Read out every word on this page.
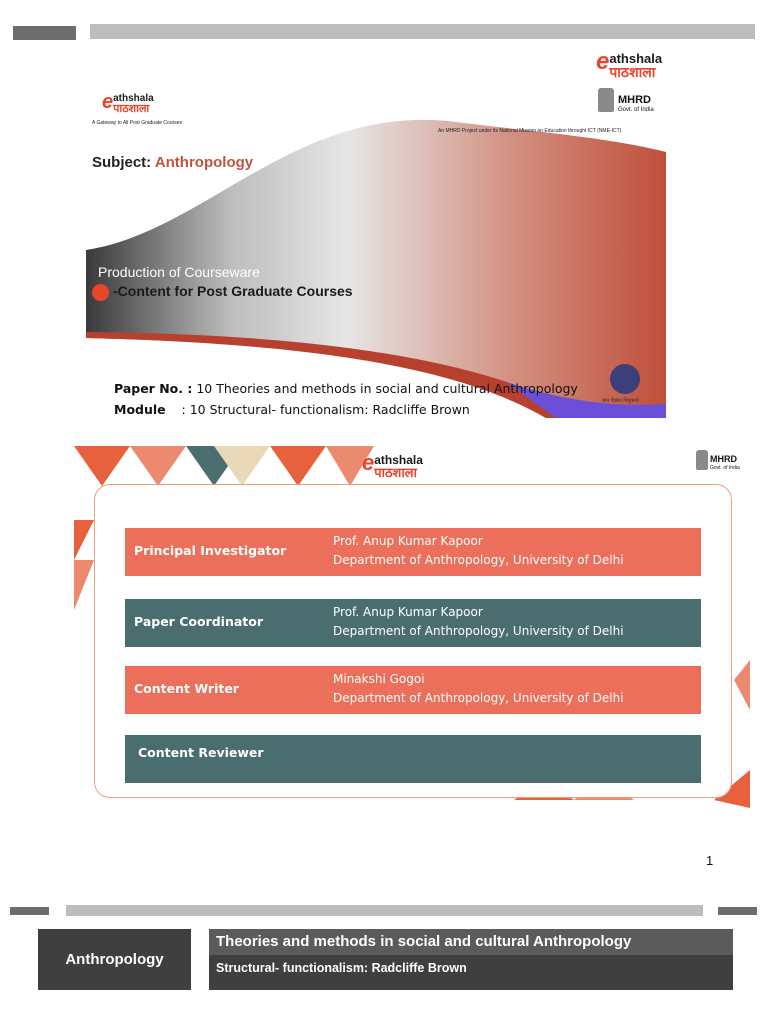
e athshala
पाठशाला
e athshala
पाठशाला
A Gateway to All Post Graduate Courses
MHRD
Govt. of India
An MHRD Project under its National Mission on Education throught ICT (NME-ICT)
Subject: Anthropology
Production of Courseware
-Content for Post Graduate Courses
Paper No. : 10 Theories and methods in social and cultural Anthropology
Module : 10 Structural- functionalism: Radcliffe Brown
ज्ञान विज्ञान विमुक्तये
e athshala
पाठशाला
MHRD
Govt. of India
Principal Investigator
Prof. Anup Kumar Kapoor
Department of Anthropology, University of Delhi
Paper Coordinator
Prof. Anup Kumar Kapoor
Department of Anthropology, University of Delhi
Content Writer
Minakshi Gogoi
Department of Anthropology, University of Delhi
Content Reviewer
1
Anthropology
Theories and methods in social and cultural Anthropology
Structural- functionalism: Radcliffe Brown
